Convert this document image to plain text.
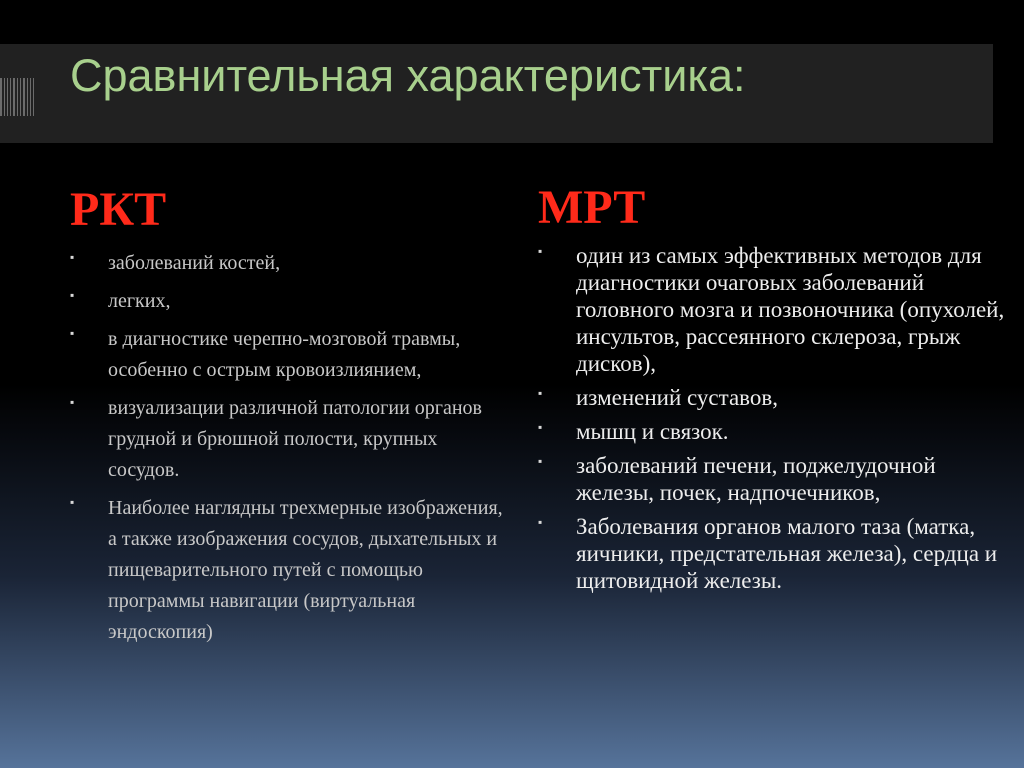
Сравнительная характеристика:
РКТ
▪ заболеваний костей,
▪ легких,
▪ в диагностике черепно-мозговой травмы, особенно с острым кровоизлиянием,
▪ визуализации различной патологии органов грудной и брюшной полости, крупных сосудов.
▪ Наиболее наглядны трехмерные изображения, а также изображения сосудов, дыхательных и пищеварительного путей с помощью программы навигации (виртуальная эндоскопия)
МРТ
▪ один из самых эффективных методов для диагностики очаговых заболеваний головного мозга и позвоночника (опухолей, инсультов, рассеянного склероза, грыж дисков),
▪ изменений суставов,
▪ мышц и связок.
▪ заболеваний печени, поджелудочной железы, почек, надпочечников,
▪ Заболевания органов малого таза (матка, яичники, предстательная железа), сердца и щитовидной железы.
